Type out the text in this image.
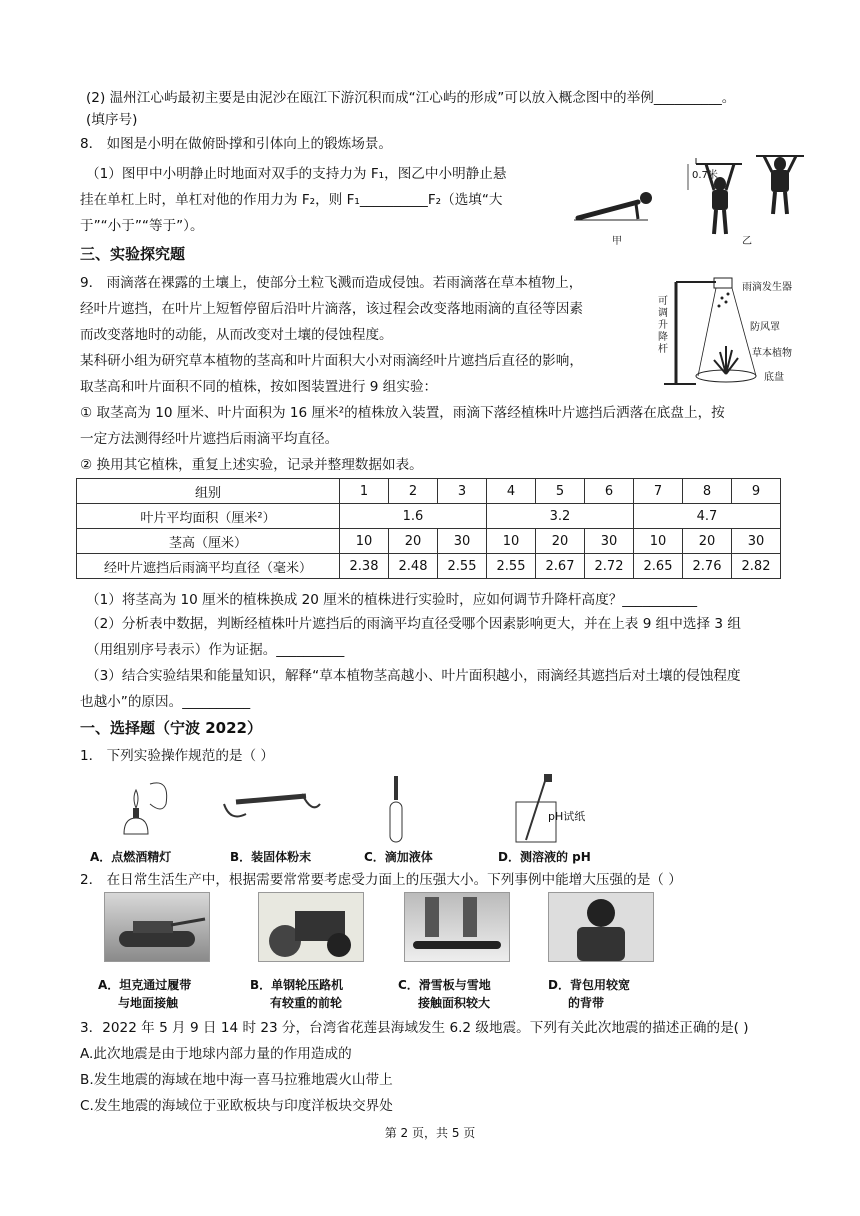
(2) 温州江心屿最初主要是由泥沙在瓯江下游沉积而成“江心屿的形成”可以放入概念图中的举例__________。
(填序号)
8． 如图是小明在做俯卧撑和引体向上的锻炼场景。
（1）图甲中小明静止时地面对双手的支持力为 F₁，图乙中小明静止悬
挂在单杠上时，单杠对他的作用力为 F₂，则 F₁__________F₂（选填“大
于”“小于”“等于”）。
0.7米
甲	乙
三、实验探究题
9． 雨滴落在裸露的土壤上，使部分土粒飞溅而造成侵蚀。若雨滴落在草本植物上，
经叶片遮挡，在叶片上短暂停留后沿叶片滴落，该过程会改变落地雨滴的直径等因素
而改变落地时的动能，从而改变对土壤的侵蚀程度。
某科研小组为研究草本植物的茎高和叶片面积大小对雨滴经叶片遮挡后直径的影响，
取茎高和叶片面积不同的植株，按如图装置进行 9 组实验：
① 取茎高为 10 厘米、叶片面积为 16 厘米²的植株放入装置，雨滴下落经植株叶片遮挡后洒落在底盘上，按
一定方法测得经叶片遮挡后雨滴平均直径。
② 换用其它植株，重复上述实验，记录并整理数据如表。
雨滴发生器
可调升降杆
防风罩
草本植物
底盘
组别	1	2	3	4	5	6	7	8	9
叶片平均面积（厘米²）	1.6			3.2			4.7		
茎高（厘米）	10	20	30	10	20	30	10	20	30
经叶片遮挡后雨滴平均直径（毫米）	2.38	2.48	2.55	2.55	2.67	2.72	2.65	2.76	2.82
（1）将茎高为 10 厘米的植株换成 20 厘米的植株进行实验时，应如何调节升降杆高度？___________
（2）分析表中数据，判断经植株叶片遮挡后的雨滴平均直径受哪个因素影响更大，并在上表 9 组中选择 3 组
（用组别序号表示）作为证据。__________
（3）结合实验结果和能量知识，解释“草本植物茎高越小、叶片面积越小，雨滴经其遮挡后对土壤的侵蚀程度
也越小”的原因。__________
一、选择题（宁波 2022）
1． 下列实验操作规范的是（ ）
pH试纸
A．点燃酒精灯	B．装固体粉末	C．滴加液体	D．测溶液的 pH
2． 在日常生活生产中，根据需要常常要考虑受力面上的压强大小。下列事例中能增大压强的是（ ）
A．坦克通过履带
与地面接触
B．单钢轮压路机
有较重的前轮
C．滑雪板与雪地
接触面积较大
D．背包用较宽
的背带
3．2022 年 5 月 9 日 14 时 23 分，台湾省花莲县海域发生 6.2 级地震。下列有关此次地震的描述正确的是( )
A.此次地震是由于地球内部力量的作用造成的
B.发生地震的海域在地中海一喜马拉雅地震火山带上
C.发生地震的海域位于亚欧板块与印度洋板块交界处
第 2 页，共 5 页
